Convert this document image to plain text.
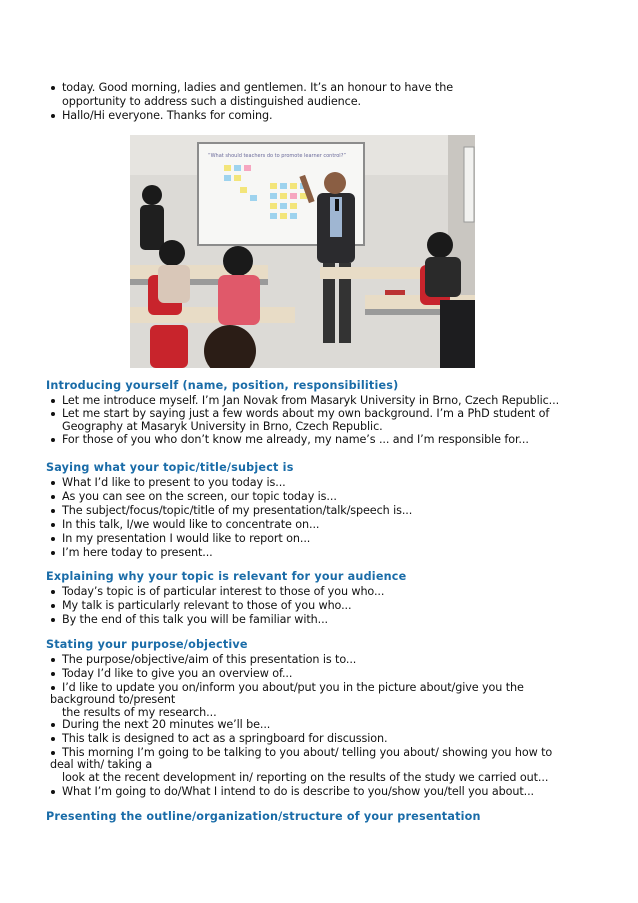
today. Good morning, ladies and gentlemen. It’s an honour to have the
opportunity to address such a distinguished audience.
Hallo/Hi everyone. Thanks for coming.
“What should teachers do to promote learner control?”
Introducing yourself (name, position, responsibilities)
Let me introduce myself. I’m Jan Novak from Masaryk University in Brno, Czech Republic...
Let me start by saying just a few words about my own background. I’m a PhD student of
Geography at Masaryk University in Brno, Czech Republic.
For those of you who don’t know me already, my name’s ... and I’m responsible for...
Saying what your topic/title/subject is
What I’d like to present to you today is...
As you can see on the screen, our topic today is...
The subject/focus/topic/title of my presentation/talk/speech is...
In this talk, I/we would like to concentrate on...
In my presentation I would like to report on...
I’m here today to present...
Explaining why your topic is relevant for your audience
Today’s topic is of particular interest to those of you who...
My talk is particularly relevant to those of you who...
By the end of this talk you will be familiar with...
Stating your purpose/objective
The purpose/objective/aim of this presentation is to...
Today I’d like to give you an overview of...
I’d like to update you on/inform you about/put you in the picture about/give you the
background to/present
the results of my research...
During the next 20 minutes we’ll be...
This talk is designed to act as a springboard for discussion.
This morning I’m going to be talking to you about/ telling you about/ showing you how to
deal with/ taking a
look at the recent development in/ reporting on the results of the study we carried out...
What I’m going to do/What I intend to do is describe to you/show you/tell you about...
Presenting the outline/organization/structure of your presentation
